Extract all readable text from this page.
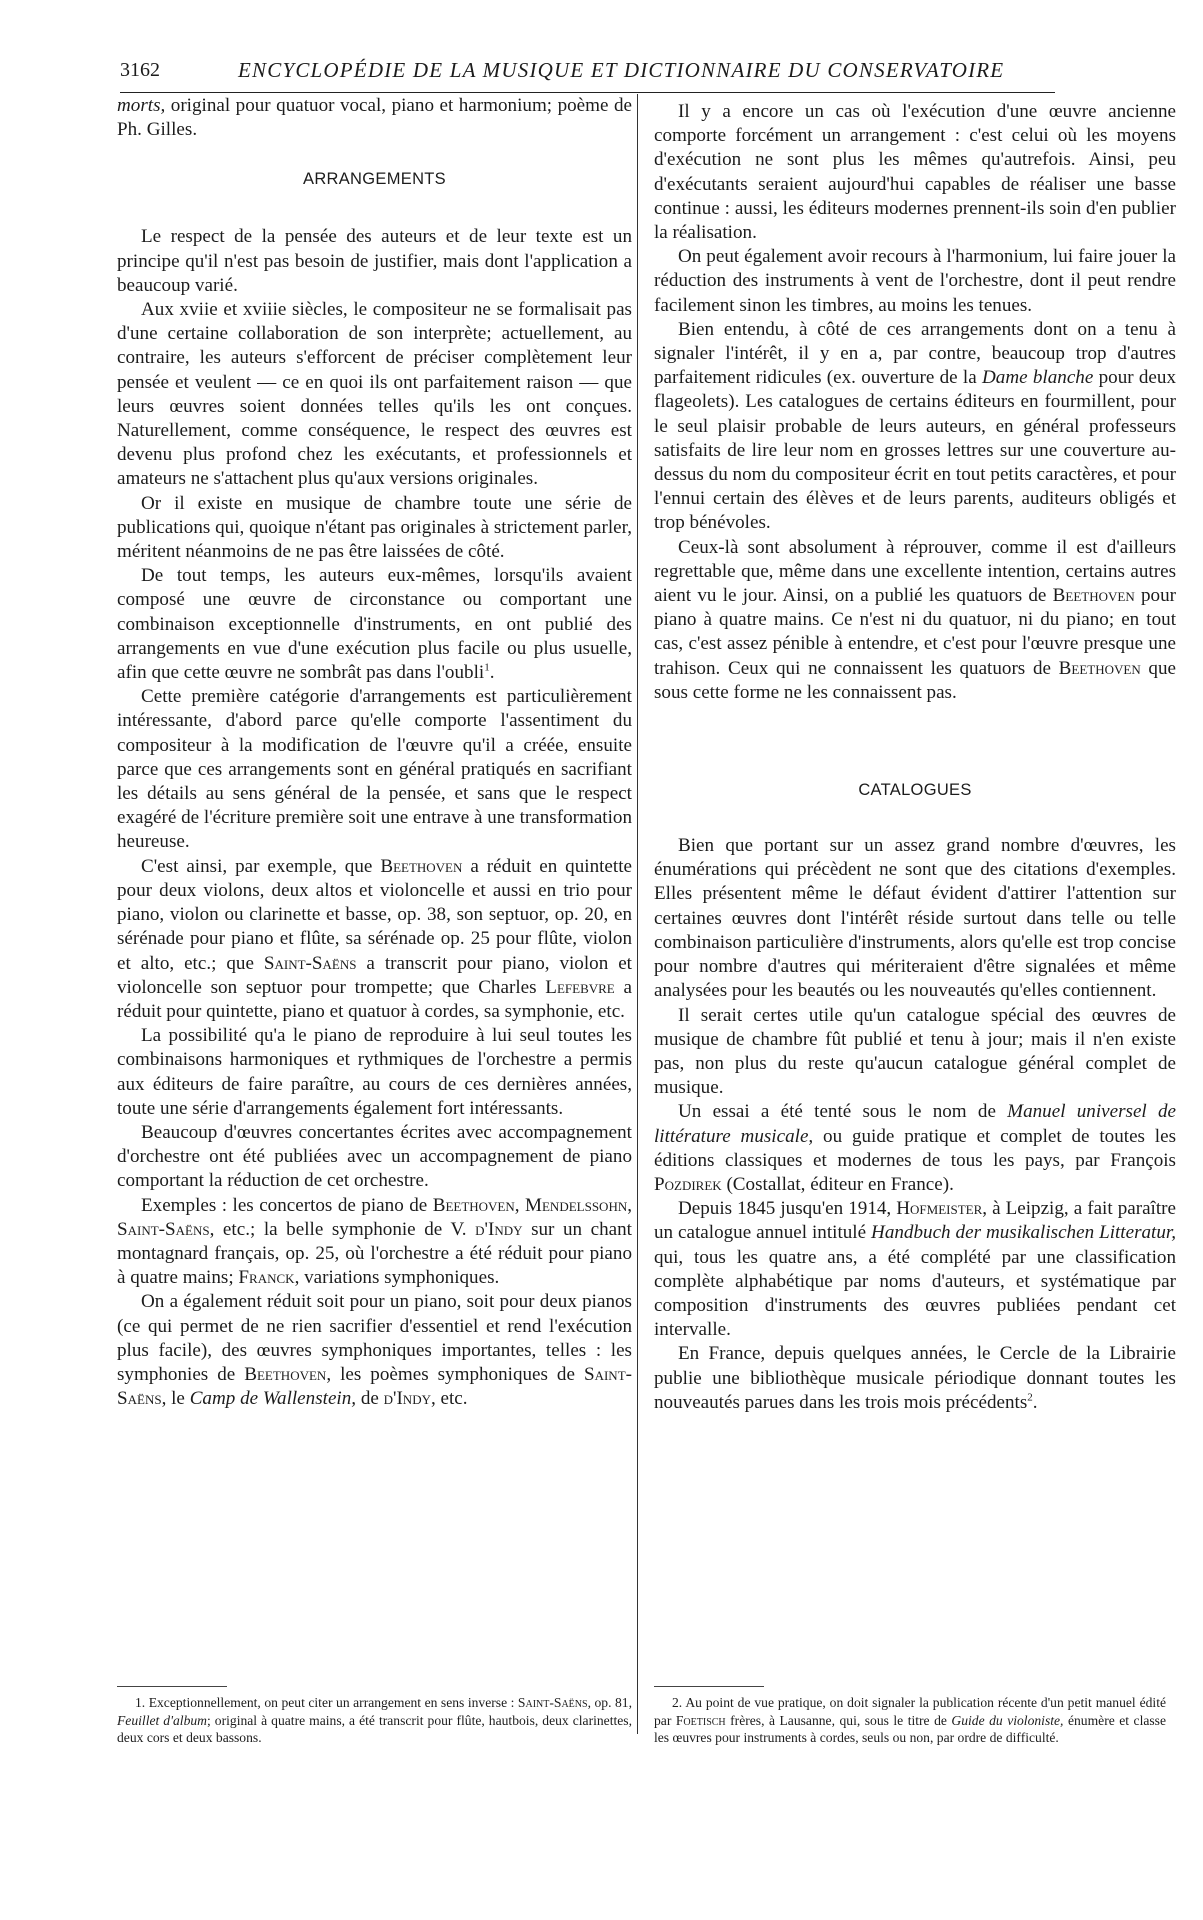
3162	ENCYCLOPÉDIE DE LA MUSIQUE ET DICTIONNAIRE DU CONSERVATOIRE

morts, original pour quatuor vocal, piano et harmonium; poème de Ph. Gilles.

ARRANGEMENTS

Le respect de la pensée des auteurs et de leur texte est un principe qu'il n'est pas besoin de justifier, mais dont l'application a beaucoup varié.

Aux xviie et xviiie siècles, le compositeur ne se formalisait pas d'une certaine collaboration de son interprète; actuellement, au contraire, les auteurs s'efforcent de préciser complètement leur pensée et veulent — ce en quoi ils ont parfaitement raison — que leurs œuvres soient données telles qu'ils les ont conçues. Naturellement, comme conséquence, le respect des œuvres est devenu plus profond chez les exécutants, et professionnels et amateurs ne s'attachent plus qu'aux versions originales.

Or il existe en musique de chambre toute une série de publications qui, quoique n'étant pas originales à strictement parler, méritent néanmoins de ne pas être laissées de côté.

De tout temps, les auteurs eux-mêmes, lorsqu'ils avaient composé une œuvre de circonstance ou comportant une combinaison exceptionnelle d'instruments, en ont publié des arrangements en vue d'une exécution plus facile ou plus usuelle, afin que cette œuvre ne sombrât pas dans l'oubli$^1$.

Cette première catégorie d'arrangements est particulièrement intéressante, d'abord parce qu'elle comporte l'assentiment du compositeur à la modification de l'œuvre qu'il a créée, ensuite parce que ces arrangements sont en général pratiqués en sacrifiant les détails au sens général de la pensée, et sans que le respect exagéré de l'écriture première soit une entrave à une transformation heureuse.

C'est ainsi, par exemple, que Beethoven a réduit en quintette pour deux violons, deux altos et violoncelle et aussi en trio pour piano, violon ou clarinette et basse, op. 38, son septuor, op. 20, en sérénade pour piano et flûte, sa sérénade op. 25 pour flûte, violon et alto, etc.; que Saint-Saëns a transcrit pour piano, violon et violoncelle son septuor pour trompette; que Charles Lefebvre a réduit pour quintette, piano et quatuor à cordes, sa symphonie, etc.

La possibilité qu'a le piano de reproduire à lui seul toutes les combinaisons harmoniques et rythmiques de l'orchestre a permis aux éditeurs de faire paraître, au cours de ces dernières années, toute une série d'arrangements également fort intéressants.

Beaucoup d'œuvres concertantes écrites avec accompagnement d'orchestre ont été publiées avec un accompagnement de piano comportant la réduction de cet orchestre.

Exemples : les concertos de piano de Beethoven, Mendelssohn, Saint-Saëns, etc.; la belle symphonie de V. d'Indy sur un chant montagnard français, op. 25, où l'orchestre a été réduit pour piano à quatre mains; Franck, variations symphoniques.

On a également réduit soit pour un piano, soit pour deux pianos (ce qui permet de ne rien sacrifier d'essentiel et rend l'exécution plus facile), des œuvres symphoniques importantes, telles : les symphonies de Beethoven, les poèmes symphoniques de Saint-Saëns, le Camp de Wallenstein, de d'Indy, etc.

1. Exceptionnellement, on peut citer un arrangement en sens inverse : Saint-Saëns, op. 81, Feuillet d'album; original à quatre mains, a été transcrit pour flûte, hautbois, deux clarinettes, deux cors et deux bassons.

Il y a encore un cas où l'exécution d'une œuvre ancienne comporte forcément un arrangement : c'est celui où les moyens d'exécution ne sont plus les mêmes qu'autrefois. Ainsi, peu d'exécutants seraient aujourd'hui capables de réaliser une basse continue : aussi, les éditeurs modernes prennent-ils soin d'en publier la réalisation.

On peut également avoir recours à l'harmonium, lui faire jouer la réduction des instruments à vent de l'orchestre, dont il peut rendre facilement sinon les timbres, au moins les tenues.

Bien entendu, à côté de ces arrangements dont on a tenu à signaler l'intérêt, il y en a, par contre, beaucoup trop d'autres parfaitement ridicules (ex. ouverture de la Dame blanche pour deux flageolets). Les catalogues de certains éditeurs en fourmillent, pour le seul plaisir probable de leurs auteurs, en général professeurs satisfaits de lire leur nom en grosses lettres sur une couverture au-dessus du nom du compositeur écrit en tout petits caractères, et pour l'ennui certain des élèves et de leurs parents, auditeurs obligés et trop bénévoles.

Ceux-là sont absolument à réprouver, comme il est d'ailleurs regrettable que, même dans une excellente intention, certains autres aient vu le jour. Ainsi, on a publié les quatuors de Beethoven pour piano à quatre mains. Ce n'est ni du quatuor, ni du piano; en tout cas, c'est assez pénible à entendre, et c'est pour l'œuvre presque une trahison. Ceux qui ne connaissent les quatuors de Beethoven que sous cette forme ne les connaissent pas.

CATALOGUES

Bien que portant sur un assez grand nombre d'œuvres, les énumérations qui précèdent ne sont que des citations d'exemples. Elles présentent même le défaut évident d'attirer l'attention sur certaines œuvres dont l'intérêt réside surtout dans telle ou telle combinaison particulière d'instruments, alors qu'elle est trop concise pour nombre d'autres qui mériteraient d'être signalées et même analysées pour les beautés ou les nouveautés qu'elles contiennent.

Il serait certes utile qu'un catalogue spécial des œuvres de musique de chambre fût publié et tenu à jour; mais il n'en existe pas, non plus du reste qu'aucun catalogue général complet de musique.

Un essai a été tenté sous le nom de Manuel universel de littérature musicale, ou guide pratique et complet de toutes les éditions classiques et modernes de tous les pays, par François Pozdirek (Costallat, éditeur en France).

Depuis 1845 jusqu'en 1914, Hofmeister, à Leipzig, a fait paraître un catalogue annuel intitulé Handbuch der musikalischen Litteratur, qui, tous les quatre ans, a été complété par une classification complète alphabétique par noms d'auteurs, et systématique par composition d'instruments des œuvres publiées pendant cet intervalle.

En France, depuis quelques années, le Cercle de la Librairie publie une bibliothèque musicale périodique donnant toutes les nouveautés parues dans les trois mois précédents$^2$.

2. Au point de vue pratique, on doit signaler la publication récente d'un petit manuel édité par Foetisch frères, à Lausanne, qui, sous le titre de Guide du violoniste, énumère et classe les œuvres pour instruments à cordes, seuls ou non, par ordre de difficulté.
